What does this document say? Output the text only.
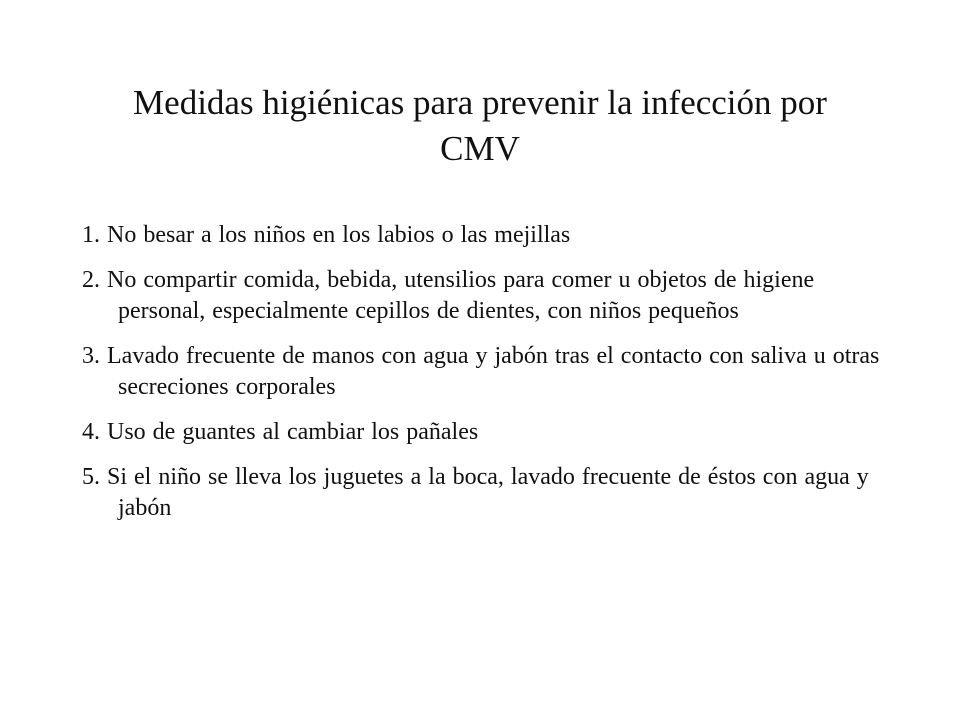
Medidas higiénicas para prevenir la infección por CMV
1. No besar a los niños en los labios o las mejillas
2. No compartir comida, bebida, utensilios para comer u objetos de higiene personal, especialmente cepillos de dientes, con niños pequeños
3. Lavado frecuente de manos con agua y jabón tras el contacto con saliva u otras secreciones corporales
4. Uso de guantes al cambiar los pañales
5. Si el niño se lleva los juguetes a la boca, lavado frecuente de éstos con agua y jabón
